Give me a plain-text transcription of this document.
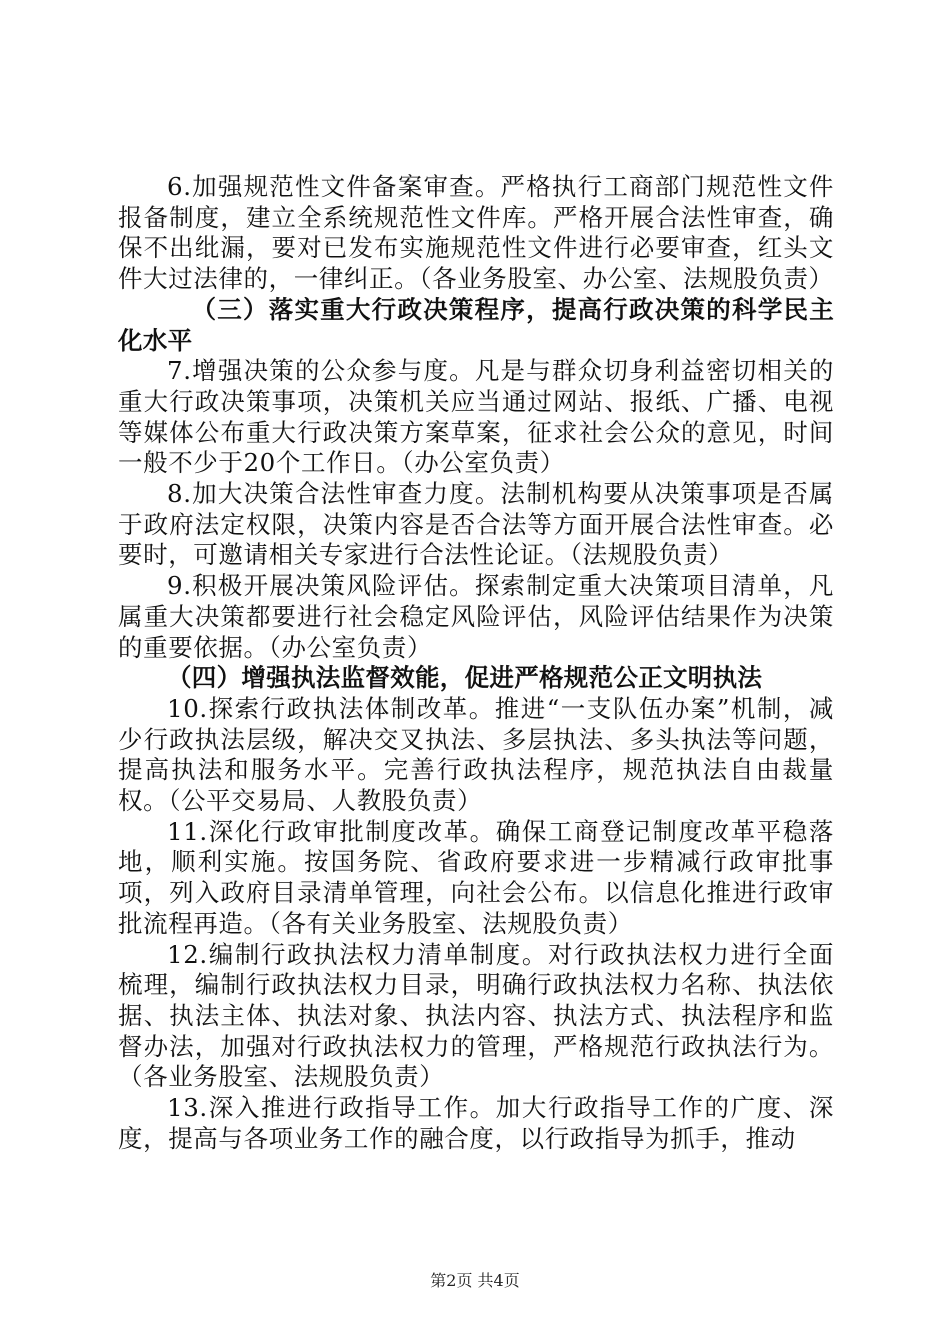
6.加强规范性文件备案审查。严格执行工商部门规范性文件报备制度，建立全系统规范性文件库。严格开展合法性审查，确保不出纰漏，要对已发布实施规范性文件进行必要审查，红头文件大过法律的，一律纠正。（各业务股室、办公室、法规股负责）

（三）落实重大行政决策程序，提高行政决策的科学民主化水平

7.增强决策的公众参与度。凡是与群众切身利益密切相关的重大行政决策事项，决策机关应当通过网站、报纸、广播、电视等媒体公布重大行政决策方案草案，征求社会公众的意见，时间一般不少于20个工作日。（办公室负责）

8.加大决策合法性审查力度。法制机构要从决策事项是否属于政府法定权限，决策内容是否合法等方面开展合法性审查。必要时，可邀请相关专家进行合法性论证。（法规股负责）

9.积极开展决策风险评估。探索制定重大决策项目清单，凡属重大决策都要进行社会稳定风险评估，风险评估结果作为决策的重要依据。（办公室负责）

（四）增强执法监督效能，促进严格规范公正文明执法

10.探索行政执法体制改革。推进“一支队伍办案”机制，减少行政执法层级，解决交叉执法、多层执法、多头执法等问题，提高执法和服务水平。完善行政执法程序，规范执法自由裁量权。（公平交易局、人教股负责）

11.深化行政审批制度改革。确保工商登记制度改革平稳落地，顺利实施。按国务院、省政府要求进一步精减行政审批事项，列入政府目录清单管理，向社会公布。以信息化推进行政审批流程再造。（各有关业务股室、法规股负责）

12.编制行政执法权力清单制度。对行政执法权力进行全面梳理，编制行政执法权力目录，明确行政执法权力名称、执法依据、执法主体、执法对象、执法内容、执法方式、执法程序和监督办法，加强对行政执法权力的管理，严格规范行政执法行为。（各业务股室、法规股负责）

13.深入推进行政指导工作。加大行政指导工作的广度、深度，提高与各项业务工作的融合度，以行政指导为抓手，推动

第2页 共4页
